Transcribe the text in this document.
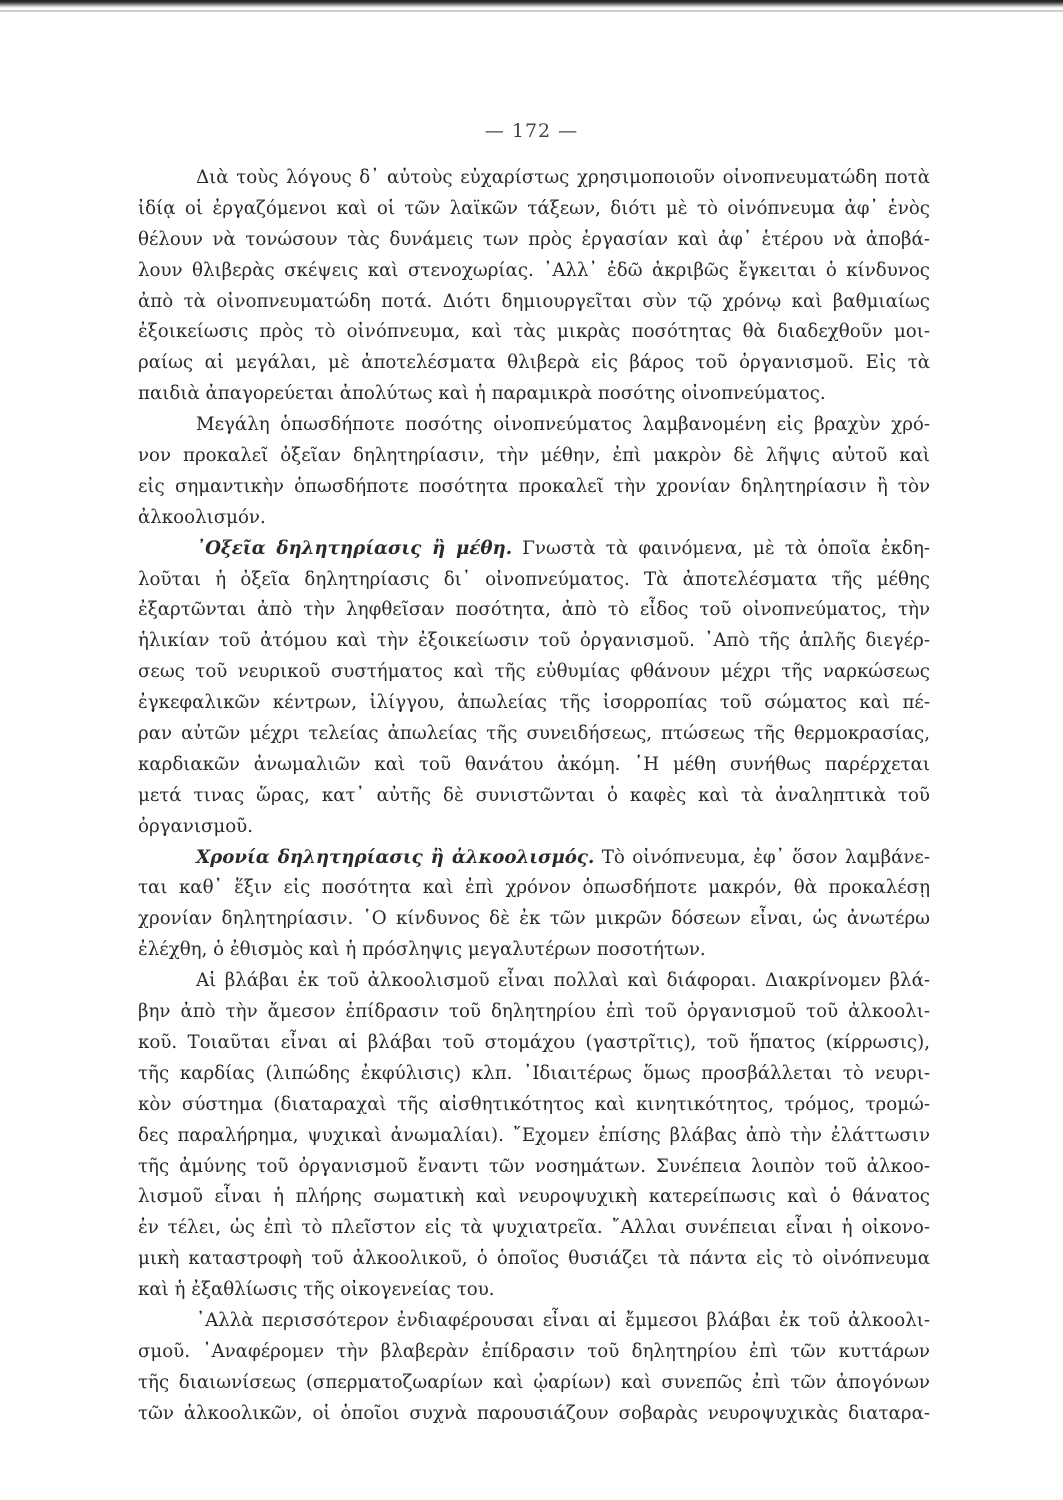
— 172 —
Διὰ τοὺς λόγους δ᾽ αὐτοὺς εὐχαρίστως χρησιμοποιοῦν οἰνοπνευματώδη ποτὰ
ἰδίᾳ οἱ ἐργαζόμενοι καὶ οἱ τῶν λαϊκῶν τάξεων, διότι μὲ τὸ οἰνόπνευμα ἀφ᾽ ἑνὸς
θέλουν νὰ τονώσουν τὰς δυνάμεις των πρὸς ἐργασίαν καὶ ἀφ᾽ ἑτέρου νὰ ἀποβά-
λουν θλιβερὰς σκέψεις καὶ στενοχωρίας. ᾽Αλλ᾽ ἐδῶ ἀκριβῶς ἔγκειται ὁ κίνδυνος
ἀπὸ τὰ οἰνοπνευματώδη ποτά. Διότι δημιουργεῖται σὺν τῷ χρόνῳ καὶ βαθμιαίως
ἐξοικείωσις πρὸς τὸ οἰνόπνευμα, καὶ τὰς μικρὰς ποσότητας θὰ διαδεχθοῦν μοι-
ραίως αἱ μεγάλαι, μὲ ἀποτελέσματα θλιβερὰ εἰς βάρος τοῦ ὀργανισμοῦ. Εἰς τὰ
παιδιὰ ἀπαγορεύεται ἀπολύτως καὶ ἡ παραμικρὰ ποσότης οἰνοπνεύματος.
Μεγάλη ὁπωσδήποτε ποσότης οἰνοπνεύματος λαμβανομένη εἰς βραχὺν χρό-
νον προκαλεῖ ὀξεῖαν δηλητηρίασιν, τὴν μέθην, ἐπὶ μακρὸν δὲ λῆψις αὐτοῦ καὶ
εἰς σημαντικὴν ὁπωσδήποτε ποσότητα προκαλεῖ τὴν χρονίαν δηλητηρίασιν ἢ τὸν
ἀλκοολισμόν.
᾽Οξεῖα δηλητηρίασις ἢ μέθη. Γνωστὰ τὰ φαινόμενα, μὲ τὰ ὁποῖα ἐκδη-
λοῦται ἡ ὀξεῖα δηλητηρίασις δι᾽ οἰνοπνεύματος. Τὰ ἀποτελέσματα τῆς μέθης
ἐξαρτῶνται ἀπὸ τὴν ληφθεῖσαν ποσότητα, ἀπὸ τὸ εἶδος τοῦ οἰνοπνεύματος, τὴν
ἡλικίαν τοῦ ἀτόμου καὶ τὴν ἐξοικείωσιν τοῦ ὀργανισμοῦ. ᾽Απὸ τῆς ἁπλῆς διεγέρ-
σεως τοῦ νευρικοῦ συστήματος καὶ τῆς εὐθυμίας φθάνουν μέχρι τῆς ναρκώσεως
ἐγκεφαλικῶν κέντρων, ἰλίγγου, ἀπωλείας τῆς ἰσορροπίας τοῦ σώματος καὶ πέ-
ραν αὐτῶν μέχρι τελείας ἀπωλείας τῆς συνειδήσεως, πτώσεως τῆς θερμοκρασίας,
καρδιακῶν ἀνωμαλιῶν καὶ τοῦ θανάτου ἀκόμη. ῾Η μέθη συνήθως παρέρχεται
μετά τινας ὥρας, κατ᾽ αὐτῆς δὲ συνιστῶνται ὁ καφὲς καὶ τὰ ἀναληπτικὰ τοῦ
ὀργανισμοῦ.
Χρονία δηλητηρίασις ἢ ἀλκοολισμός. Τὸ οἰνόπνευμα, ἐφ᾽ ὅσον λαμβάνε-
ται καθ᾽ ἕξιν εἰς ποσότητα καὶ ἐπὶ χρόνον ὁπωσδήποτε μακρόν, θὰ προκαλέσῃ
χρονίαν δηλητηρίασιν. ῾Ο κίνδυνος δὲ ἐκ τῶν μικρῶν δόσεων εἶναι, ὡς ἀνωτέρω
ἐλέχθη, ὁ ἐθισμὸς καὶ ἡ πρόσληψις μεγαλυτέρων ποσοτήτων.
Αἱ βλάβαι ἐκ τοῦ ἀλκοολισμοῦ εἶναι πολλαὶ καὶ διάφοραι. Διακρίνομεν βλά-
βην ἀπὸ τὴν ἄμεσον ἐπίδρασιν τοῦ δηλητηρίου ἐπὶ τοῦ ὀργανισμοῦ τοῦ ἀλκοολι-
κοῦ. Τοιαῦται εἶναι αἱ βλάβαι τοῦ στομάχου (γαστρῖτις), τοῦ ἥπατος (κίρρωσις),
τῆς καρδίας (λιπώδης ἐκφύλισις) κλπ. ᾽Ιδιαιτέρως ὅμως προσβάλλεται τὸ νευρι-
κὸν σύστημα (διαταραχαὶ τῆς αἰσθητικότητος καὶ κινητικότητος, τρόμος, τρομώ-
δες παραλήρημα, ψυχικαὶ ἀνωμαλίαι). ῎Εχομεν ἐπίσης βλάβας ἀπὸ τὴν ἐλάττωσιν
τῆς ἀμύνης τοῦ ὀργανισμοῦ ἔναντι τῶν νοσημάτων. Συνέπεια λοιπὸν τοῦ ἀλκοο-
λισμοῦ εἶναι ἡ πλήρης σωματικὴ καὶ νευροψυχικὴ κατερείπωσις καὶ ὁ θάνατος
ἐν τέλει, ὡς ἐπὶ τὸ πλεῖστον εἰς τὰ ψυχιατρεῖα. ῎Αλλαι συνέπειαι εἶναι ἡ οἰκονο-
μικὴ καταστροφὴ τοῦ ἀλκοολικοῦ, ὁ ὁποῖος θυσιάζει τὰ πάντα εἰς τὸ οἰνόπνευμα
καὶ ἡ ἐξαθλίωσις τῆς οἰκογενείας του.
᾽Αλλὰ περισσότερον ἐνδιαφέρουσαι εἶναι αἱ ἔμμεσοι βλάβαι ἐκ τοῦ ἀλκοολι-
σμοῦ. ᾽Αναφέρομεν τὴν βλαβερὰν ἐπίδρασιν τοῦ δηλητηρίου ἐπὶ τῶν κυττάρων
τῆς διαιωνίσεως (σπερματοζωαρίων καὶ ᾠαρίων) καὶ συνεπῶς ἐπὶ τῶν ἀπογόνων
τῶν ἀλκοολικῶν, οἱ ὁποῖοι συχνὰ παρουσιάζουν σοβαρὰς νευροψυχικὰς διαταρα-
